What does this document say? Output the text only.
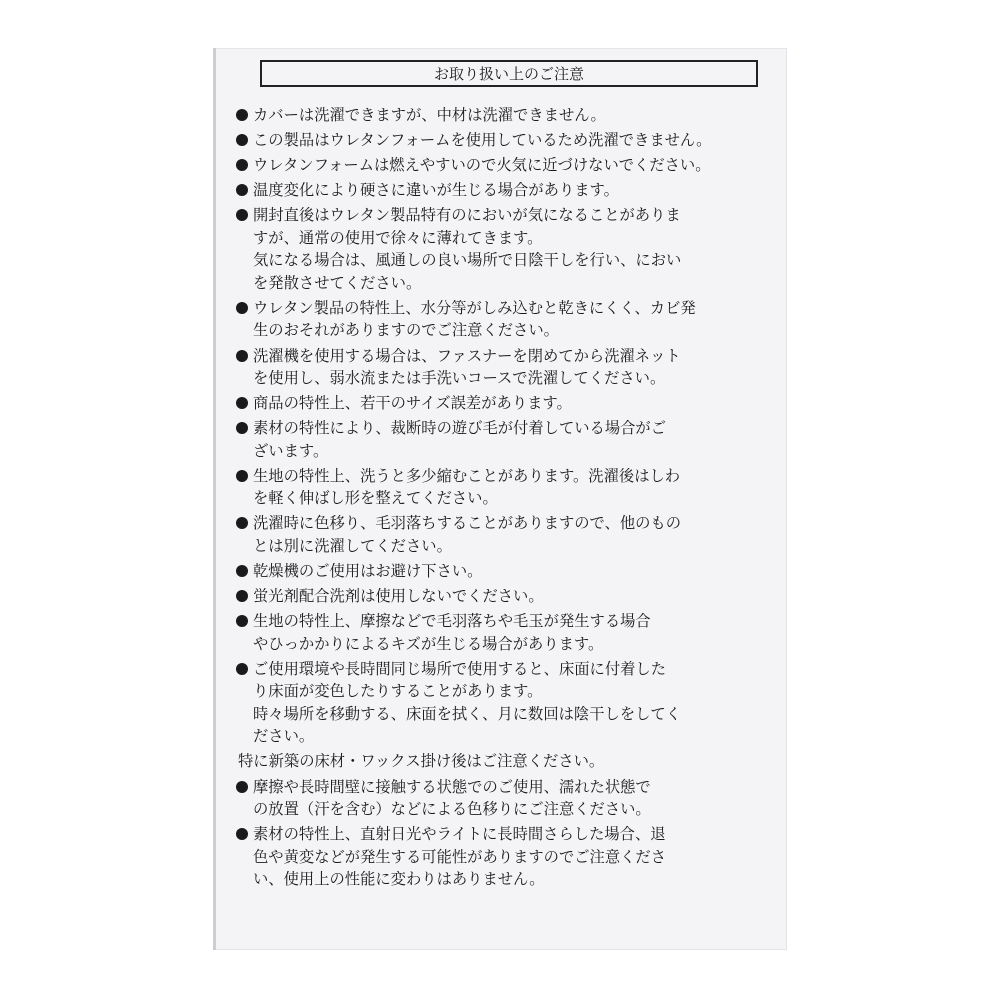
お取り扱い上のご注意
カバーは洗濯できますが、中材は洗濯できません。
この製品はウレタンフォームを使用しているため洗濯できません。
ウレタンフォームは燃えやすいので火気に近づけないでください。
温度変化により硬さに違いが生じる場合があります。
開封直後はウレタン製品特有のにおいが気になることがありま
すが、通常の使用で徐々に薄れてきます。
気になる場合は、風通しの良い場所で日陰干しを行い、におい
を発散させてください。
ウレタン製品の特性上、水分等がしみ込むと乾きにくく、カビ発
生のおそれがありますのでご注意ください。
洗濯機を使用する場合は、ファスナーを閉めてから洗濯ネット
を使用し、弱水流または手洗いコースで洗濯してください。
商品の特性上、若干のサイズ誤差があります。
素材の特性により、裁断時の遊び毛が付着している場合がご
ざいます。
生地の特性上、洗うと多少縮むことがあります。洗濯後はしわ
を軽く伸ばし形を整えてください。
洗濯時に色移り、毛羽落ちすることがありますので、他のもの
とは別に洗濯してください。
乾燥機のご使用はお避け下さい。
蛍光剤配合洗剤は使用しないでください。
生地の特性上、摩擦などで毛羽落ちや毛玉が発生する場合
やひっかかりによるキズが生じる場合があります。
ご使用環境や長時間同じ場所で使用すると、床面に付着した
り床面が変色したりすることがあります。
時々場所を移動する、床面を拭く、月に数回は陰干しをしてく
ださい。
特に新築の床材・ワックス掛け後はご注意ください。
摩擦や長時間壁に接触する状態でのご使用、濡れた状態で
の放置（汗を含む）などによる色移りにご注意ください。
素材の特性上、直射日光やライトに長時間さらした場合、退
色や黄変などが発生する可能性がありますのでご注意くださ
い、使用上の性能に変わりはありません。
